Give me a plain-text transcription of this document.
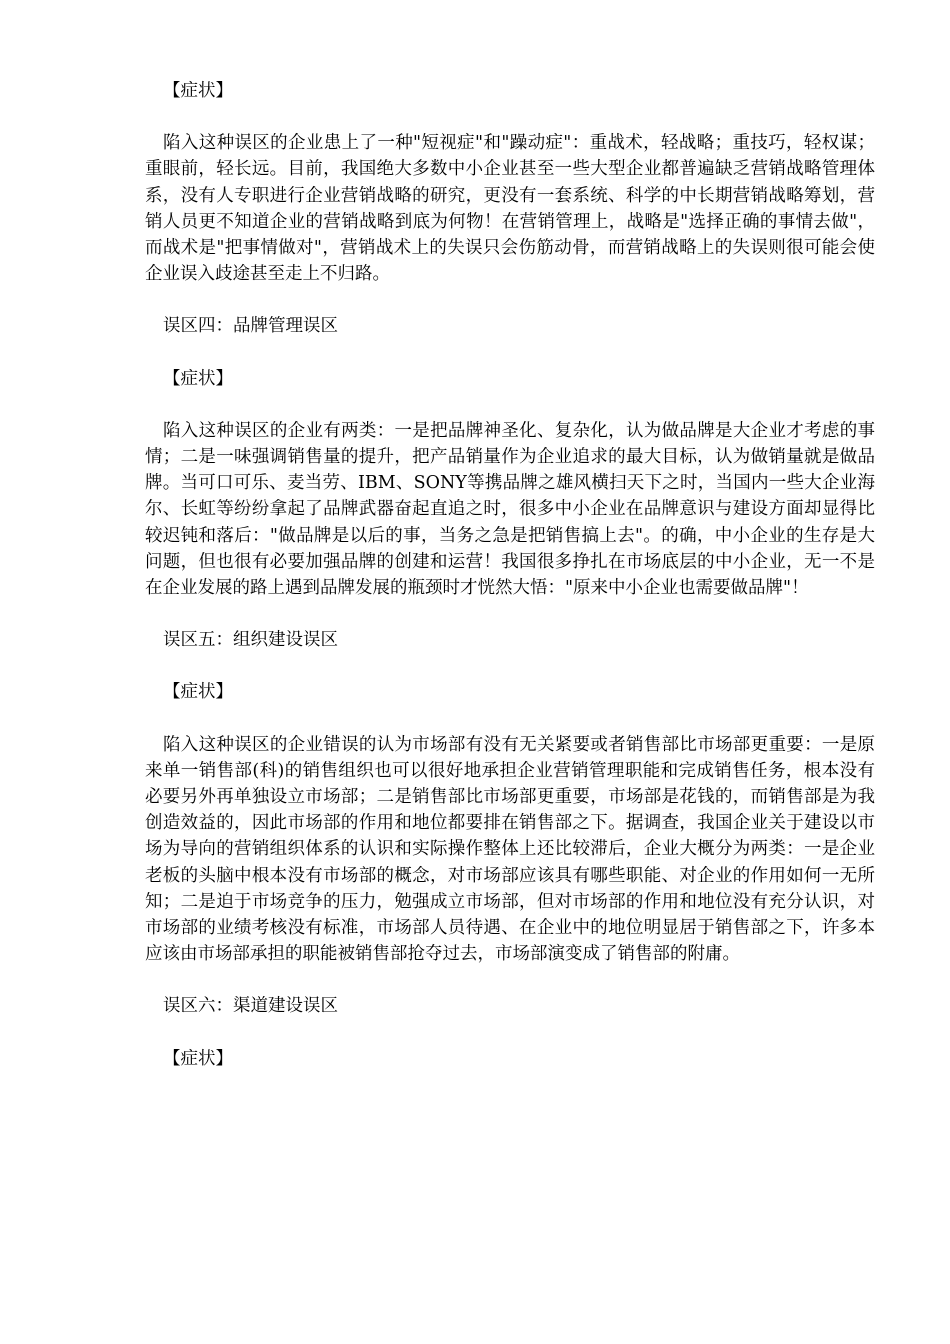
【症状】

陷入这种误区的企业患上了一种"短视症"和"躁动症"：重战术，轻战略；重技巧，轻权谋；重眼前，轻长远。目前，我国绝大多数中小企业甚至一些大型企业都普遍缺乏营销战略管理体系，没有人专职进行企业营销战略的研究，更没有一套系统、科学的中长期营销战略筹划，营销人员更不知道企业的营销战略到底为何物！在营销管理上，战略是"选择正确的事情去做"，而战术是"把事情做对"，营销战术上的失误只会伤筋动骨，而营销战略上的失误则很可能会使企业误入歧途甚至走上不归路。

误区四：品牌管理误区

【症状】

陷入这种误区的企业有两类：一是把品牌神圣化、复杂化，认为做品牌是大企业才考虑的事情；二是一味强调销售量的提升，把产品销量作为企业追求的最大目标，认为做销量就是做品牌。当可口可乐、麦当劳、IBM、SONY等携品牌之雄风横扫天下之时，当国内一些大企业海尔、长虹等纷纷拿起了品牌武器奋起直追之时，很多中小企业在品牌意识与建设方面却显得比较迟钝和落后："做品牌是以后的事，当务之急是把销售搞上去"。的确，中小企业的生存是大问题，但也很有必要加强品牌的创建和运营！我国很多挣扎在市场底层的中小企业，无一不是在企业发展的路上遇到品牌发展的瓶颈时才恍然大悟："原来中小企业也需要做品牌"！

误区五：组织建设误区

【症状】

陷入这种误区的企业错误的认为市场部有没有无关紧要或者销售部比市场部更重要：一是原来单一销售部(科)的销售组织也可以很好地承担企业营销管理职能和完成销售任务，根本没有必要另外再单独设立市场部；二是销售部比市场部更重要，市场部是花钱的，而销售部是为我创造效益的，因此市场部的作用和地位都要排在销售部之下。据调查，我国企业关于建设以市场为导向的营销组织体系的认识和实际操作整体上还比较滞后，企业大概分为两类：一是企业老板的头脑中根本没有市场部的概念，对市场部应该具有哪些职能、对企业的作用如何一无所知；二是迫于市场竞争的压力，勉强成立市场部，但对市场部的作用和地位没有充分认识，对市场部的业绩考核没有标准，市场部人员待遇、在企业中的地位明显居于销售部之下，许多本应该由市场部承担的职能被销售部抢夺过去，市场部演变成了销售部的附庸。

误区六：渠道建设误区

【症状】
